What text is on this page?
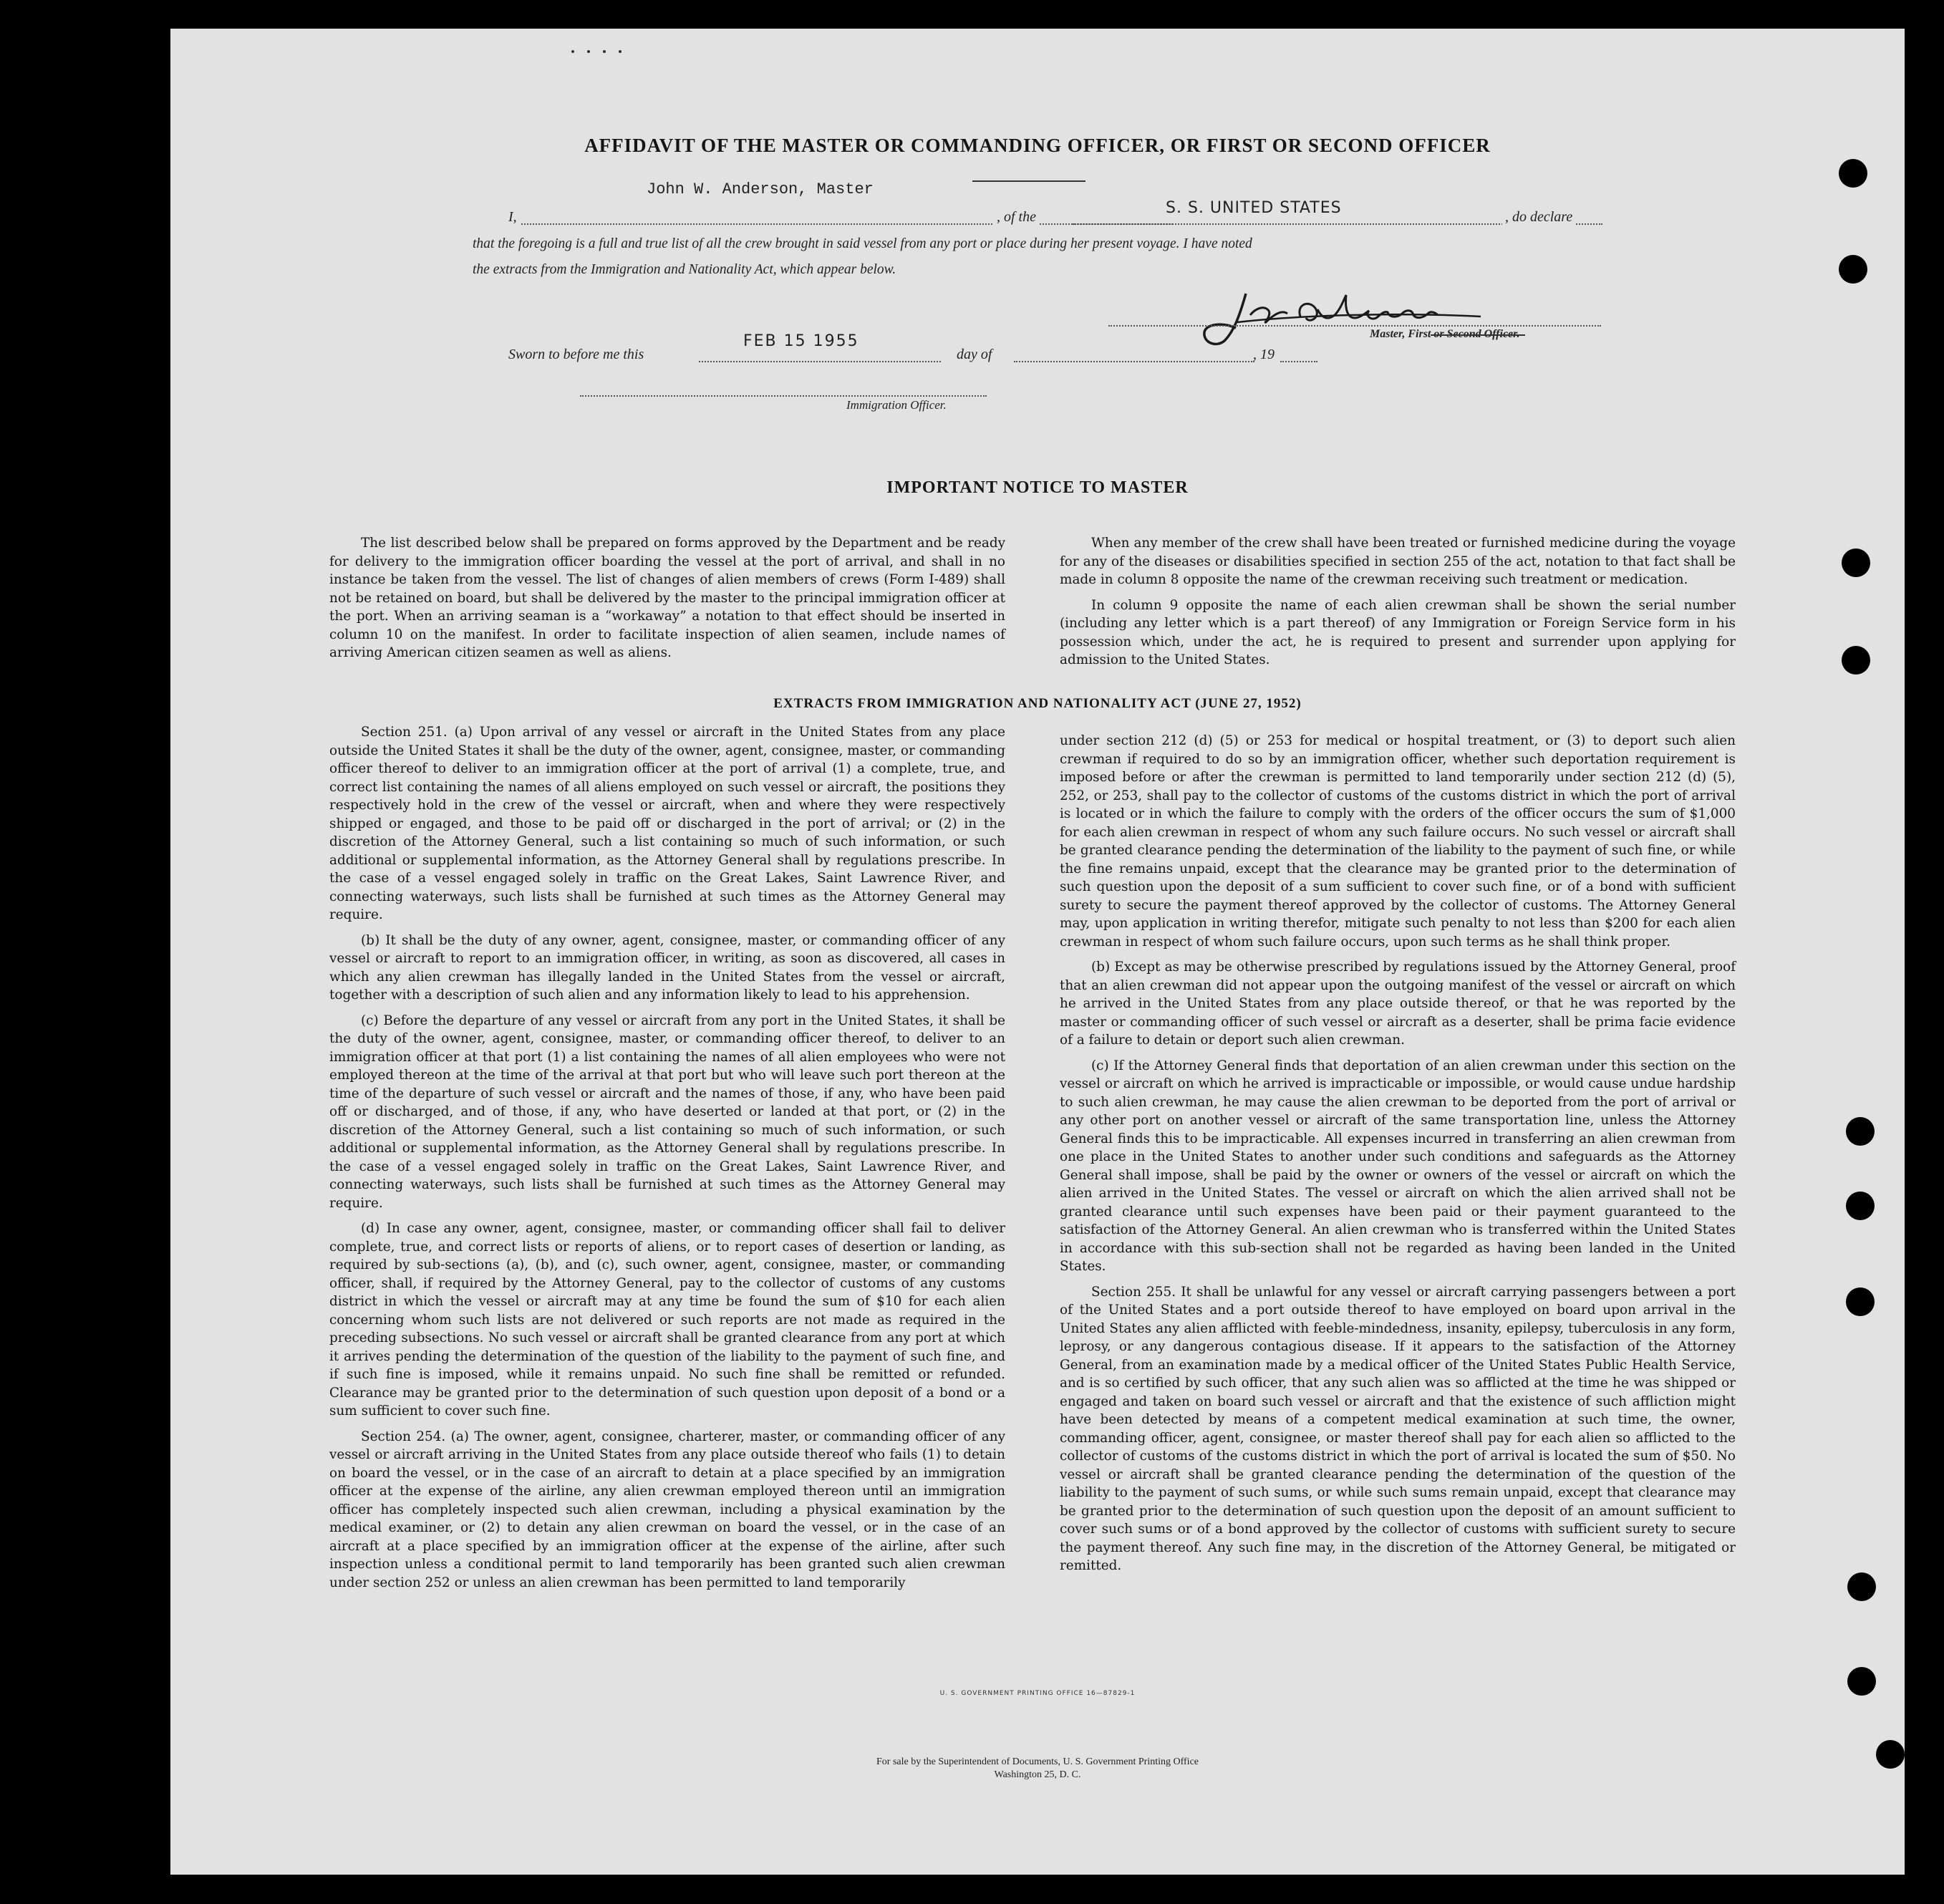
AFFIDAVIT OF THE MASTER OR COMMANDING OFFICER, OR FIRST OR SECOND OFFICER
John W. Anderson, Master
S. S. UNITED STATES
I,	, of the	, do declare
that the foregoing is a full and true list of all the crew brought in said vessel from any port or place during her present voyage. I have noted
the extracts from the Immigration and Nationality Act, which appear below.
Master, First or Second Officer.
Sworn to before me this
FEB 15 1955
day of	, 19
Immigration Officer.
IMPORTANT NOTICE TO MASTER

The list described below shall be prepared on forms approved by the Department and be ready for delivery to the immigration officer boarding the vessel at the port of arrival, and shall in no instance be taken from the vessel. The list of changes of alien members of crews (Form I-489) shall not be retained on board, but shall be delivered by the master to the principal immigration officer at the port. When an arriving seaman is a “workaway” a notation to that effect should be inserted in column 10 on the manifest. In order to facilitate inspection of alien seamen, include names of arriving American citizen seamen as well as aliens.

When any member of the crew shall have been treated or furnished medicine during the voyage for any of the diseases or disabilities specified in section 255 of the act, notation to that fact shall be made in column 8 opposite the name of the crewman receiving such treatment or medication.

In column 9 opposite the name of each alien crewman shall be shown the serial number (including any letter which is a part thereof) of any Immigration or Foreign Service form in his possession which, under the act, he is required to present and surrender upon applying for admission to the United States.

EXTRACTS FROM IMMIGRATION AND NATIONALITY ACT (JUNE 27, 1952)

Section 251. (a) Upon arrival of any vessel or aircraft in the United States from any place outside the United States it shall be the duty of the owner, agent, consignee, master, or commanding officer thereof to deliver to an immigration officer at the port of arrival (1) a complete, true, and correct list containing the names of all aliens employed on such vessel or aircraft, the positions they respectively hold in the crew of the vessel or aircraft, when and where they were respectively shipped or engaged, and those to be paid off or discharged in the port of arrival; or (2) in the discretion of the Attorney General, such a list containing so much of such information, or such additional or supplemental information, as the Attorney General shall by regulations prescribe. In the case of a vessel engaged solely in traffic on the Great Lakes, Saint Lawrence River, and connecting waterways, such lists shall be furnished at such times as the Attorney General may require.

(b) It shall be the duty of any owner, agent, consignee, master, or commanding officer of any vessel or aircraft to report to an immigration officer, in writing, as soon as discovered, all cases in which any alien crewman has illegally landed in the United States from the vessel or aircraft, together with a description of such alien and any information likely to lead to his apprehension.

(c) Before the departure of any vessel or aircraft from any port in the United States, it shall be the duty of the owner, agent, consignee, master, or commanding officer thereof, to deliver to an immigration officer at that port (1) a list containing the names of all alien employees who were not employed thereon at the time of the arrival at that port but who will leave such port thereon at the time of the departure of such vessel or aircraft and the names of those, if any, who have been paid off or discharged, and of those, if any, who have deserted or landed at that port, or (2) in the discretion of the Attorney General, such a list containing so much of such information, or such additional or supplemental information, as the Attorney General shall by regulations prescribe. In the case of a vessel engaged solely in traffic on the Great Lakes, Saint Lawrence River, and connecting waterways, such lists shall be furnished at such times as the Attorney General may require.

(d) In case any owner, agent, consignee, master, or commanding officer shall fail to deliver complete, true, and correct lists or reports of aliens, or to report cases of desertion or landing, as required by sub-sections (a), (b), and (c), such owner, agent, consignee, master, or commanding officer, shall, if required by the Attorney General, pay to the collector of customs of any customs district in which the vessel or aircraft may at any time be found the sum of $10 for each alien concerning whom such lists are not delivered or such reports are not made as required in the preceding subsections. No such vessel or aircraft shall be granted clearance from any port at which it arrives pending the determination of the question of the liability to the payment of such fine, and if such fine is imposed, while it remains unpaid. No such fine shall be remitted or refunded. Clearance may be granted prior to the determination of such question upon deposit of a bond or a sum sufficient to cover such fine.

Section 254. (a) The owner, agent, consignee, charterer, master, or commanding officer of any vessel or aircraft arriving in the United States from any place outside thereof who fails (1) to detain on board the vessel, or in the case of an aircraft to detain at a place specified by an immigration officer at the expense of the airline, any alien crewman employed thereon until an immigration officer has completely inspected such alien crewman, including a physical examination by the medical examiner, or (2) to detain any alien crewman on board the vessel, or in the case of an aircraft at a place specified by an immigration officer at the expense of the airline, after such inspection unless a conditional permit to land temporarily has been granted such alien crewman under section 252 or unless an alien crewman has been permitted to land temporarily

under section 212 (d) (5) or 253 for medical or hospital treatment, or (3) to deport such alien crewman if required to do so by an immigration officer, whether such deportation requirement is imposed before or after the crewman is permitted to land temporarily under section 212 (d) (5), 252, or 253, shall pay to the collector of customs of the customs district in which the port of arrival is located or in which the failure to comply with the orders of the officer occurs the sum of $1,000 for each alien crewman in respect of whom any such failure occurs. No such vessel or aircraft shall be granted clearance pending the determination of the liability to the payment of such fine, or while the fine remains unpaid, except that the clearance may be granted prior to the determination of such question upon the deposit of a sum sufficient to cover such fine, or of a bond with sufficient surety to secure the payment thereof approved by the collector of customs. The Attorney General may, upon application in writing therefor, mitigate such penalty to not less than $200 for each alien crewman in respect of whom such failure occurs, upon such terms as he shall think proper.

(b) Except as may be otherwise prescribed by regulations issued by the Attorney General, proof that an alien crewman did not appear upon the outgoing manifest of the vessel or aircraft on which he arrived in the United States from any place outside thereof, or that he was reported by the master or commanding officer of such vessel or aircraft as a deserter, shall be prima facie evidence of a failure to detain or deport such alien crewman.

(c) If the Attorney General finds that deportation of an alien crewman under this section on the vessel or aircraft on which he arrived is impracticable or impossible, or would cause undue hardship to such alien crewman, he may cause the alien crewman to be deported from the port of arrival or any other port on another vessel or aircraft of the same transportation line, unless the Attorney General finds this to be impracticable. All expenses incurred in transferring an alien crewman from one place in the United States to another under such conditions and safeguards as the Attorney General shall impose, shall be paid by the owner or owners of the vessel or aircraft on which the alien arrived in the United States. The vessel or aircraft on which the alien arrived shall not be granted clearance until such expenses have been paid or their payment guaranteed to the satisfaction of the Attorney General. An alien crewman who is transferred within the United States in accordance with this sub-section shall not be regarded as having been landed in the United States.

Section 255. It shall be unlawful for any vessel or aircraft carrying passengers between a port of the United States and a port outside thereof to have employed on board upon arrival in the United States any alien afflicted with feeble-mindedness, insanity, epilepsy, tuberculosis in any form, leprosy, or any dangerous contagious disease. If it appears to the satisfaction of the Attorney General, from an examination made by a medical officer of the United States Public Health Service, and is so certified by such officer, that any such alien was so afflicted at the time he was shipped or engaged and taken on board such vessel or aircraft and that the existence of such affliction might have been detected by means of a competent medical examination at such time, the owner, commanding officer, agent, consignee, or master thereof shall pay for each alien so afflicted to the collector of customs of the customs district in which the port of arrival is located the sum of $50. No vessel or aircraft shall be granted clearance pending the determination of the question of the liability to the payment of such sums, or while such sums remain unpaid, except that clearance may be granted prior to the determination of such question upon the deposit of an amount sufficient to cover such sums or of a bond approved by the collector of customs with sufficient surety to secure the payment thereof. Any such fine may, in the discretion of the Attorney General, be mitigated or remitted.

U. S. GOVERNMENT PRINTING OFFICE 16—87829-1
For sale by the Superintendent of Documents, U. S. Government Printing Office
Washington 25, D. C.
